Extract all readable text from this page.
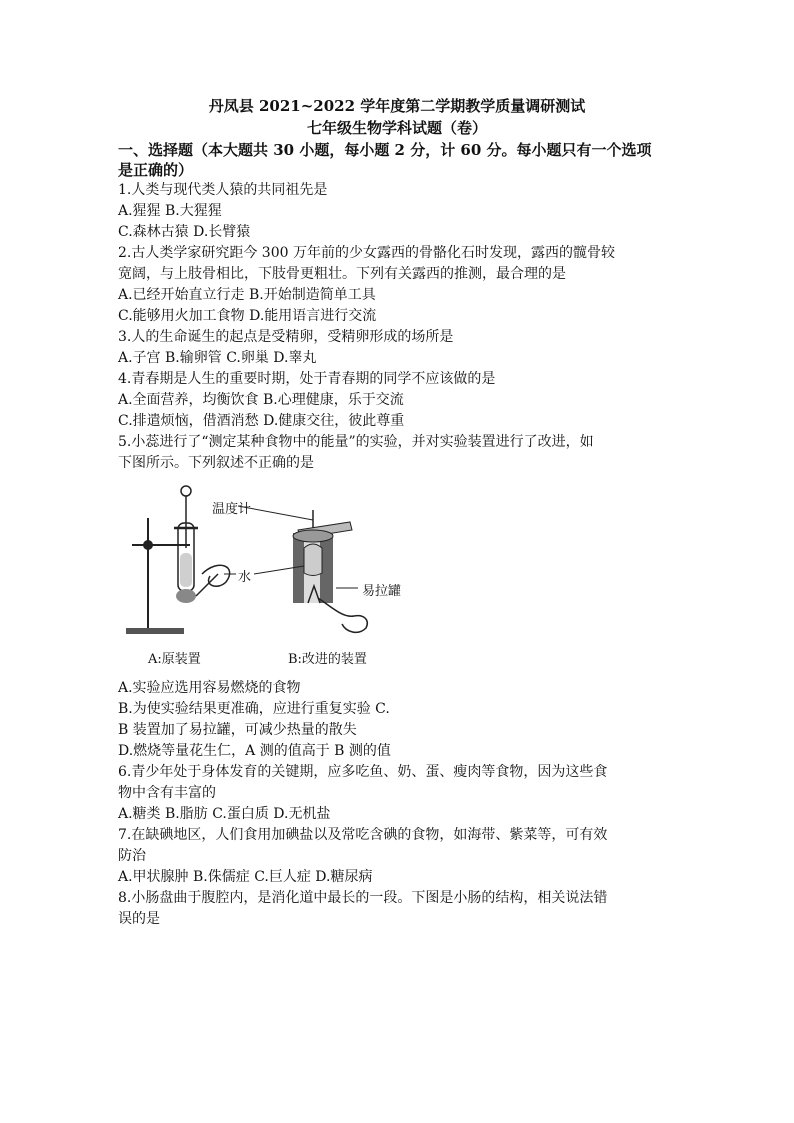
丹凤县 2021~2022 学年度第二学期教学质量调研测试
七年级生物学科试题（卷）
一、选择题（本大题共 30 小题，每小题 2 分，计 60 分。每小题只有一个选项
是正确的）
1.人类与现代类人猿的共同祖先是
A.猩猩 B.大猩猩
C.森林古猿 D.长臂猿
2.古人类学家研究距今 300 万年前的少女露西的骨骼化石时发现，露西的髋骨较
宽阔，与上肢骨相比，下肢骨更粗壮。下列有关露西的推测，最合理的是
A.已经开始直立行走 B.开始制造简单工具
C.能够用火加工食物 D.能用语言进行交流
3.人的生命诞生的起点是受精卵，受精卵形成的场所是
A.子宫 B.输卵管 C.卵巢 D.睾丸
4.青春期是人生的重要时期，处于青春期的同学不应该做的是
A.全面营养，均衡饮食 B.心理健康，乐于交流
C.排遣烦恼，借酒消愁 D.健康交往，彼此尊重
5.小蕊进行了“测定某种食物中的能量”的实验，并对实验装置进行了改进，如
下图所示。下列叙述不正确的是
温度计
水
易拉罐
A:原装置	B:改进的装置
A.实验应选用容易燃烧的食物
B.为使实验结果更准确，应进行重复实验 C.
B 装置加了易拉罐，可减少热量的散失
D.燃烧等量花生仁，A 测的值高于 B 测的值
6.青少年处于身体发育的关键期，应多吃鱼、奶、蛋、瘦肉等食物，因为这些食
物中含有丰富的
A.糖类 B.脂肪 C.蛋白质 D.无机盐
7.在缺碘地区，人们食用加碘盐以及常吃含碘的食物，如海带、紫菜等，可有效
防治
A.甲状腺肿 B.侏儒症 C.巨人症 D.糖尿病
8.小肠盘曲于腹腔内，是消化道中最长的一段。下图是小肠的结构，相关说法错
误的是
